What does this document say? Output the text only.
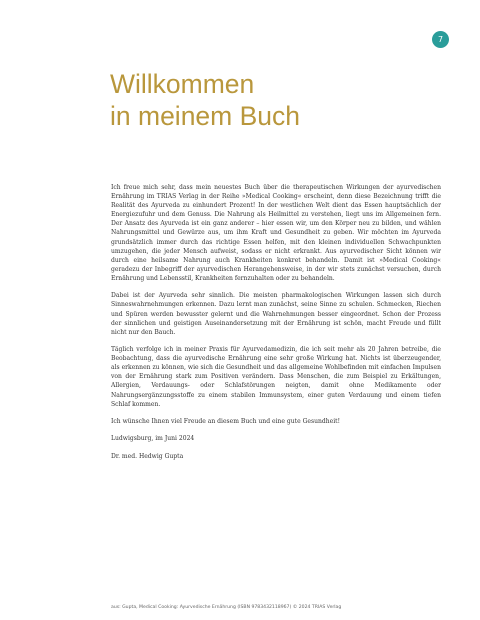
7
Willkommen
in meinem Buch

Ich freue mich sehr, dass mein neuestes Buch über die therapeutischen Wirkungen der ayurvedischen Ernährung im TRIAS Verlag in der Reihe »Medical Cooking« erscheint, denn diese Bezeichnung trifft die Realität des Ayurveda zu einhundert Prozent! In der westlichen Welt dient das Essen hauptsächlich der Energiezufuhr und dem Genuss. Die Nahrung als Heilmittel zu verstehen, liegt uns im Allgemeinen fern. Der Ansatz des Ayurveda ist ein ganz anderer – hier essen wir, um den Körper neu zu bilden, und wählen Nahrungsmittel und Gewürze aus, um ihm Kraft und Gesundheit zu geben. Wir möchten im Ayurveda grundsätzlich immer durch das richtige Essen helfen, mit den kleinen individuellen Schwachpunkten umzugehen, die jeder Mensch aufweist, sodass er nicht erkrankt. Aus ayurvedischer Sicht können wir durch eine heilsame Nahrung auch Krankheiten konkret behandeln. Damit ist »Medical Cooking« geradezu der Inbegriff der ayurvedischen Herangehensweise, in der wir stets zunächst versuchen, durch Ernährung und Lebensstil, Krankheiten fernzuhalten oder zu behandeln.

Dabei ist der Ayurveda sehr sinnlich. Die meisten pharmakologischen Wirkungen lassen sich durch Sinneswahrnehmungen erkennen. Dazu lernt man zunächst, seine Sinne zu schulen. Schmecken, Riechen und Spüren werden bewusster gelernt und die Wahrnehmungen besser eingeordnet. Schon der Prozess der sinnlichen und geistigen Auseinandersetzung mit der Ernährung ist schön, macht Freude und füllt nicht nur den Bauch.

Täglich verfolge ich in meiner Praxis für Ayurvedamedizin, die ich seit mehr als 20 Jahren betreibe, die Beobachtung, dass die ayurvedische Ernährung eine sehr große Wirkung hat. Nichts ist überzeugender, als erkennen zu können, wie sich die Gesundheit und das allgemeine Wohlbefinden mit einfachen Impulsen von der Ernährung stark zum Positiven verändern. Dass Menschen, die zum Beispiel zu Erkältungen, Allergien, Verdauungs- oder Schlafstörungen neigten, damit ohne Medikamente oder Nahrungsergänzungsstoffe zu einem stabilen Immunsystem, einer guten Verdauung und einem tiefen Schlaf kommen.

Ich wünsche Ihnen viel Freude an diesem Buch und eine gute Gesundheit!

Ludwigsburg, im Juni 2024

Dr. med. Hedwig Gupta

aus: Gupta, Medical Cooking: Ayurvedische Ernährung (ISBN 9783432118967) © 2024 TRIAS Verlag
